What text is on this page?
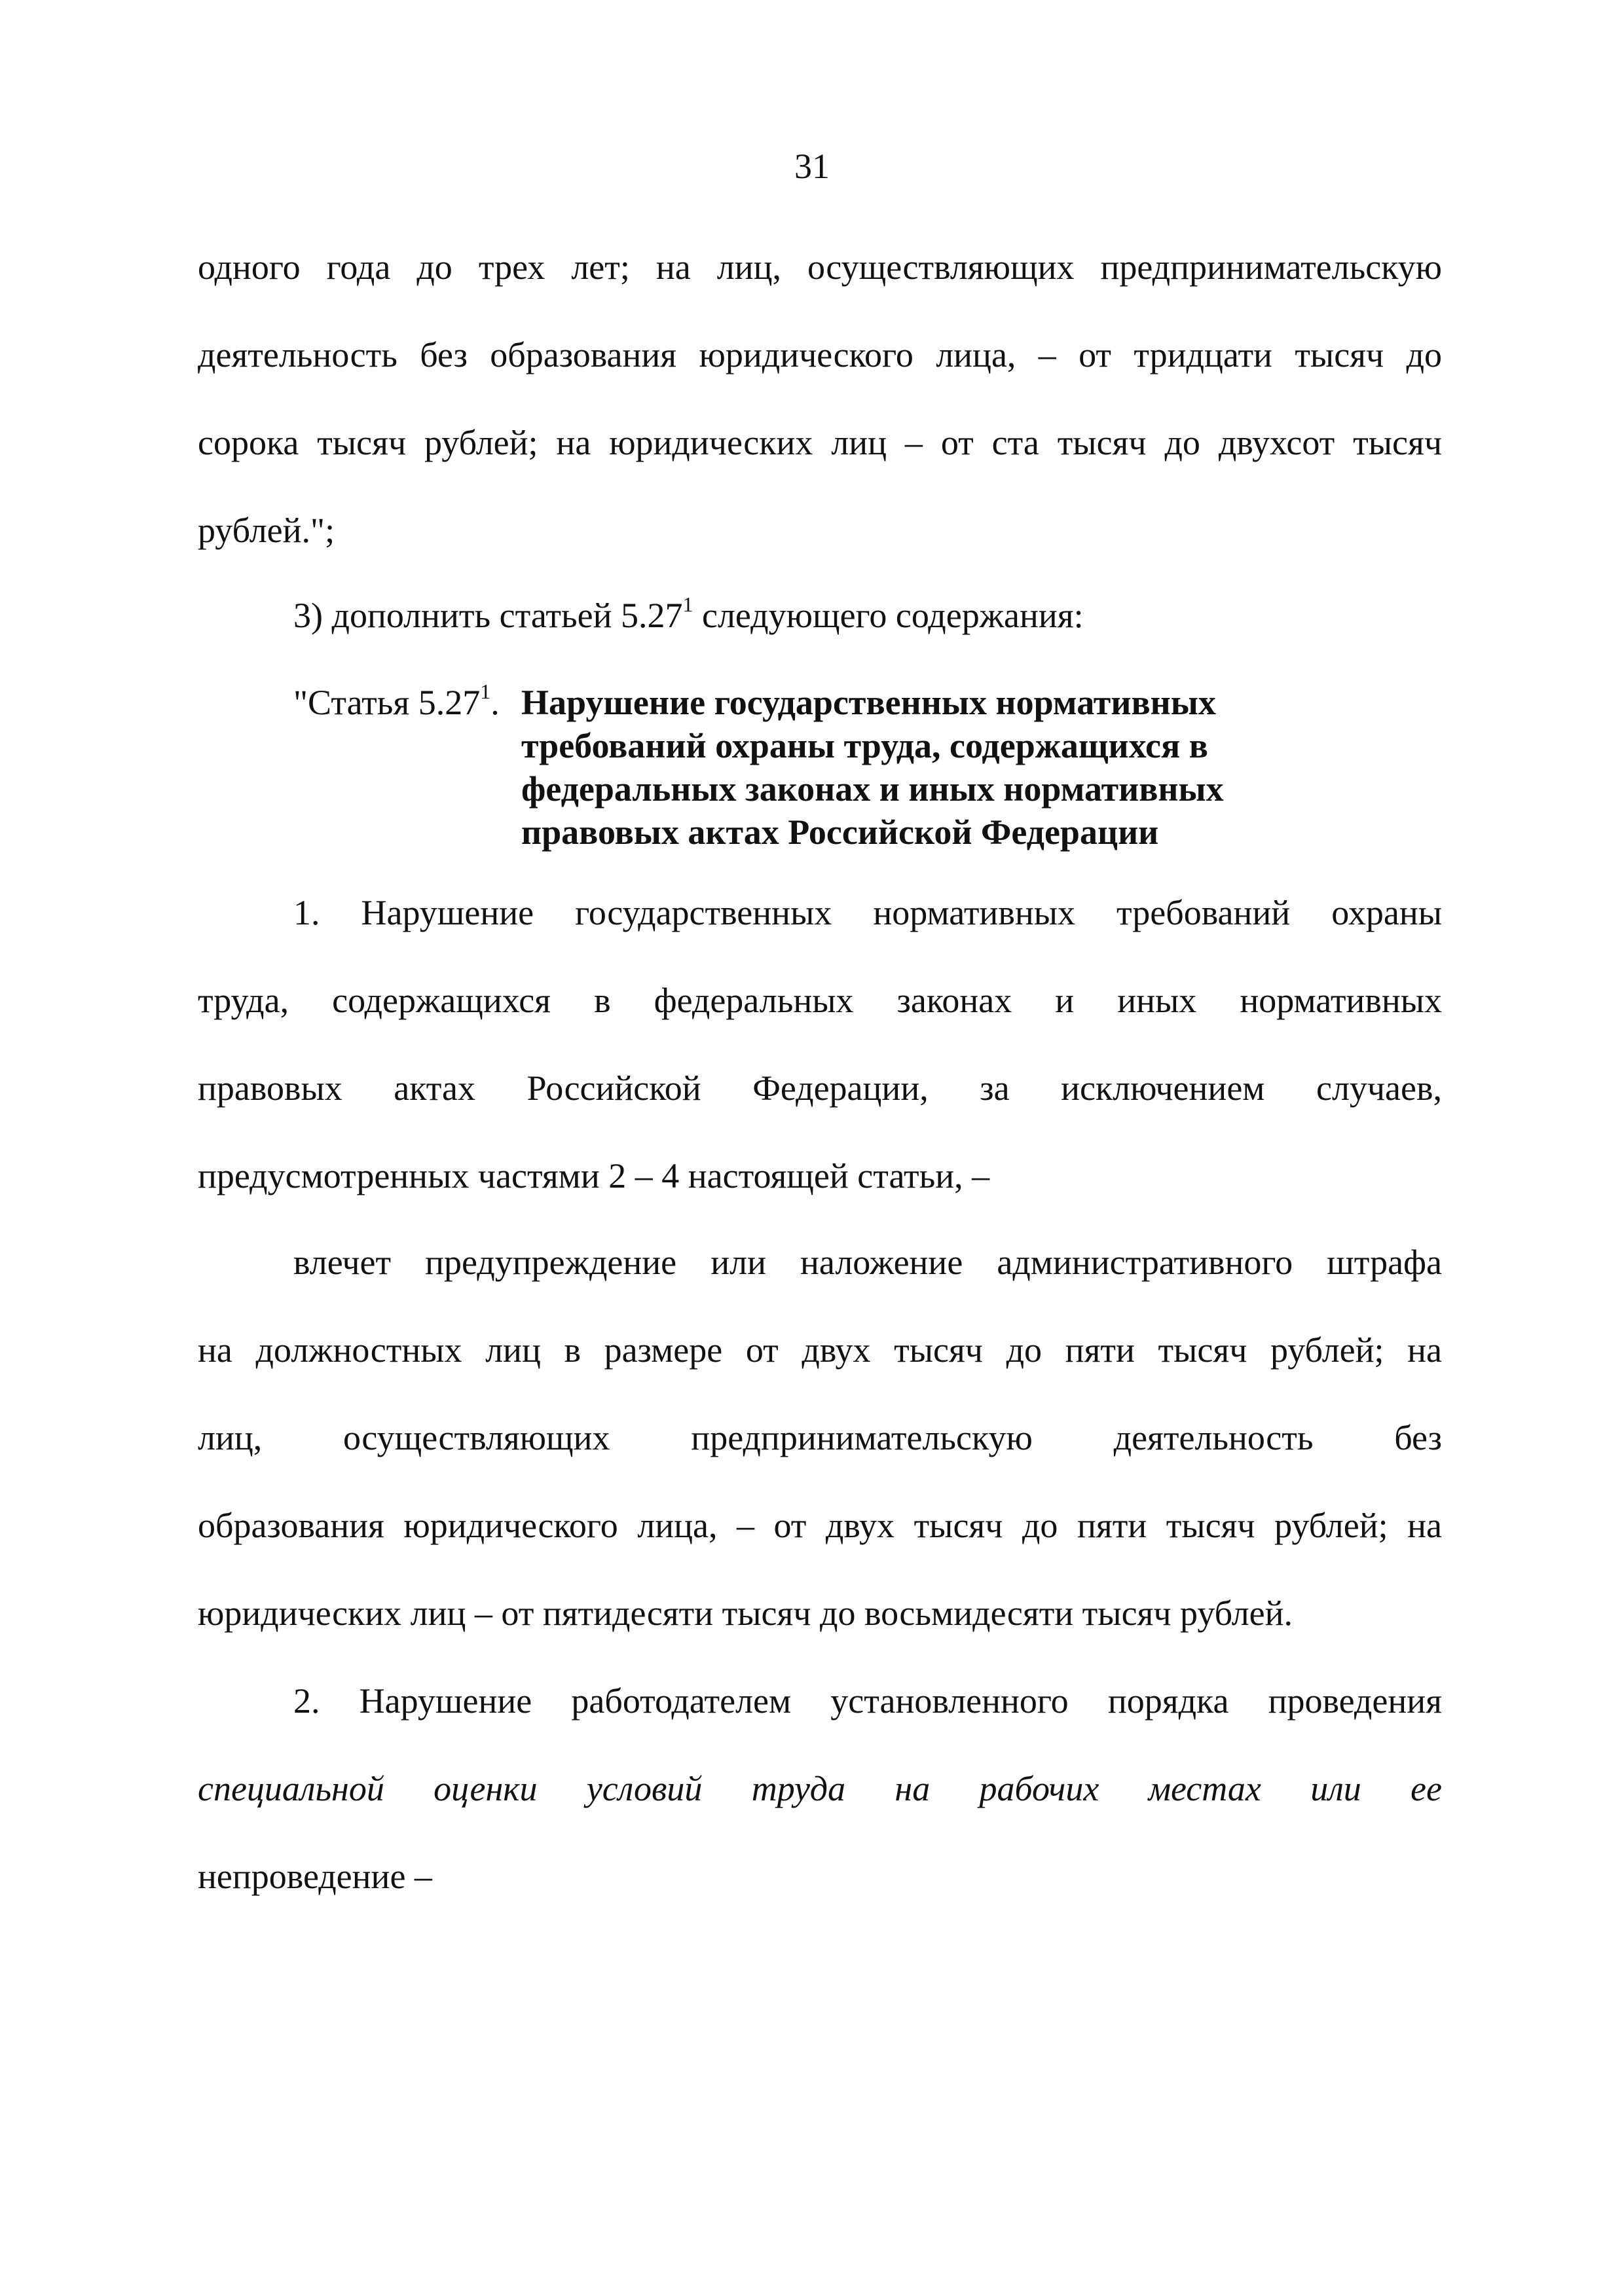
31
одного года до трех лет; на лиц, осуществляющих предпринимательскую
деятельность без образования юридического лица, – от тридцати тысяч до
сорока тысяч рублей; на юридических лиц – от ста тысяч до двухсот тысяч
рублей.";
3) дополнить статьей 5.27$^1$ следующего содержания:
"Статья 5.27$^1$. Нарушение государственных нормативных
требований охраны труда, содержащихся в
федеральных законах и иных нормативных
правовых актах Российской Федерации
1. Нарушение государственных нормативных требований охраны
труда, содержащихся в федеральных законах и иных нормативных
правовых актах Российской Федерации, за исключением случаев,
предусмотренных частями 2 – 4 настоящей статьи, –
влечет предупреждение или наложение административного штрафа
на должностных лиц в размере от двух тысяч до пяти тысяч рублей; на
лиц, осуществляющих предпринимательскую деятельность без
образования юридического лица, – от двух тысяч до пяти тысяч рублей; на
юридических лиц – от пятидесяти тысяч до восьмидесяти тысяч рублей.
2. Нарушение работодателем установленного порядка проведения
специальной оценки условий труда на рабочих местах или ее
непроведение –
